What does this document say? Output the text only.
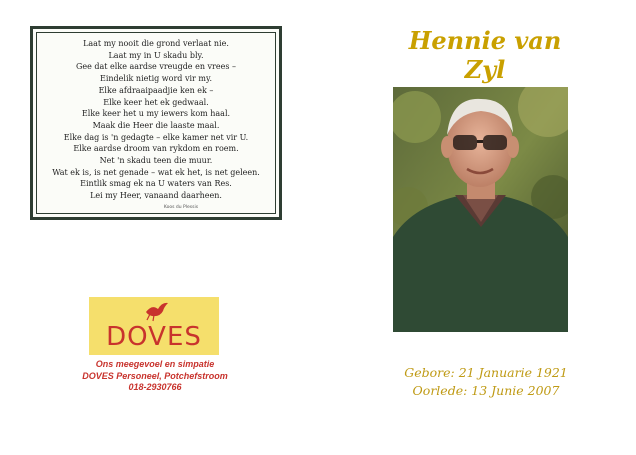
Laat my nooit die grond verlaat nie.
Laat my in U skadu bly.
Gee dat elke aardse vreugde en vrees –
Eindelik nietig word vir my.
Elke afdraaipaadjie ken ek –
Elke keer het ek gedwaal.
Elke keer het u my iewers kom haal.
Maak die Heer die laaste maal.
Elke dag is 'n gedagte – elke kamer net vir U.
Elke aardse droom van rykdom en roem.
Net 'n skadu teen die muur.
Wat ek is, is net genade – wat ek het, is net geleen.
Eintlik smag ek na U waters van Res.
Lei my Heer, vanaand daarheen.
Koos du Plessis
Hennie van Zyl
Gebore: 21 Januarie 1921
Oorlede: 13 Junie 2007
DOVES
Ons meegevoel en simpatie
DOVES Personeel, Potchefstroom
018-2930766
